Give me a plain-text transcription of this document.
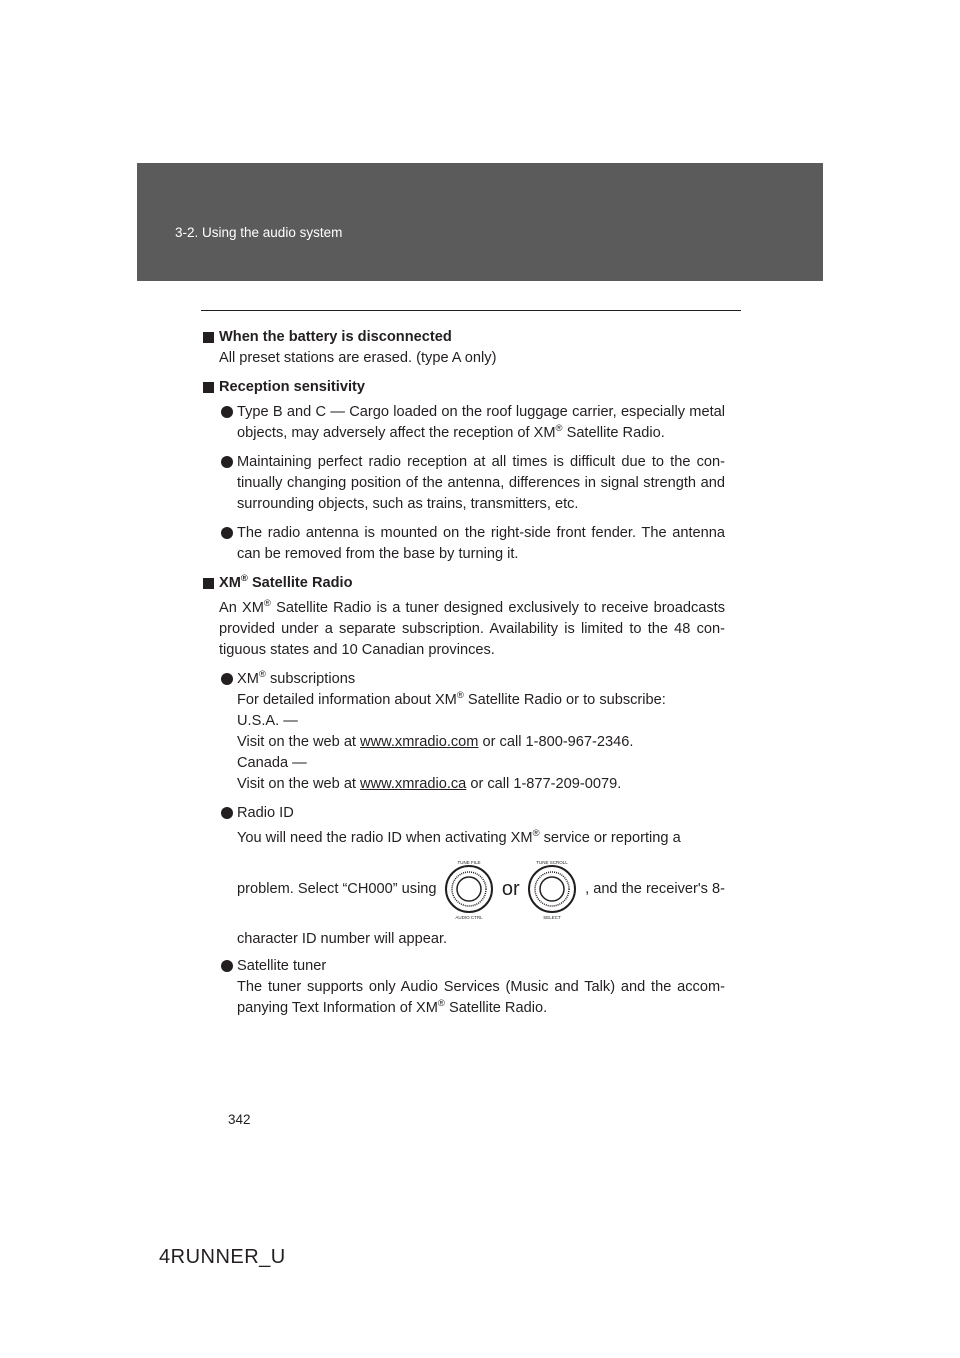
3-2. Using the audio system

When the battery is disconnected

All preset stations are erased. (type A only)

Reception sensitivity

Type B and C — Cargo loaded on the roof luggage carrier, especially metal objects, may adversely affect the reception of XM® Satellite Radio.

Maintaining perfect radio reception at all times is difficult due to the con- tinually changing position of the antenna, differences in signal strength and surrounding objects, such as trains, transmitters, etc.

The radio antenna is mounted on the right-side front fender. The antenna can be removed from the base by turning it.

XM® Satellite Radio

An XM® Satellite Radio is a tuner designed exclusively to receive broadcasts provided under a separate subscription. Availability is limited to the 48 con- tiguous states and 10 Canadian provinces.

XM® subscriptions

For detailed information about XM® Satellite Radio or to subscribe:

U.S.A. —

Visit on the web at www.xmradio.com or call 1-800-967-2346.

Canada —

Visit on the web at www.xmradio.ca or call 1-877-209-0079.

Radio ID

You will need the radio ID when activating XM® service or reporting a

problem. Select “CH000” using
TUNE FILE
AUDIO CTRL
or
TUNE SCROLL
SELECT
, and the receiver's 8-

character ID number will appear.

Satellite tuner

The tuner supports only Audio Services (Music and Talk) and the accom- panying Text Information of XM® Satellite Radio.

342
4RUNNER_U
